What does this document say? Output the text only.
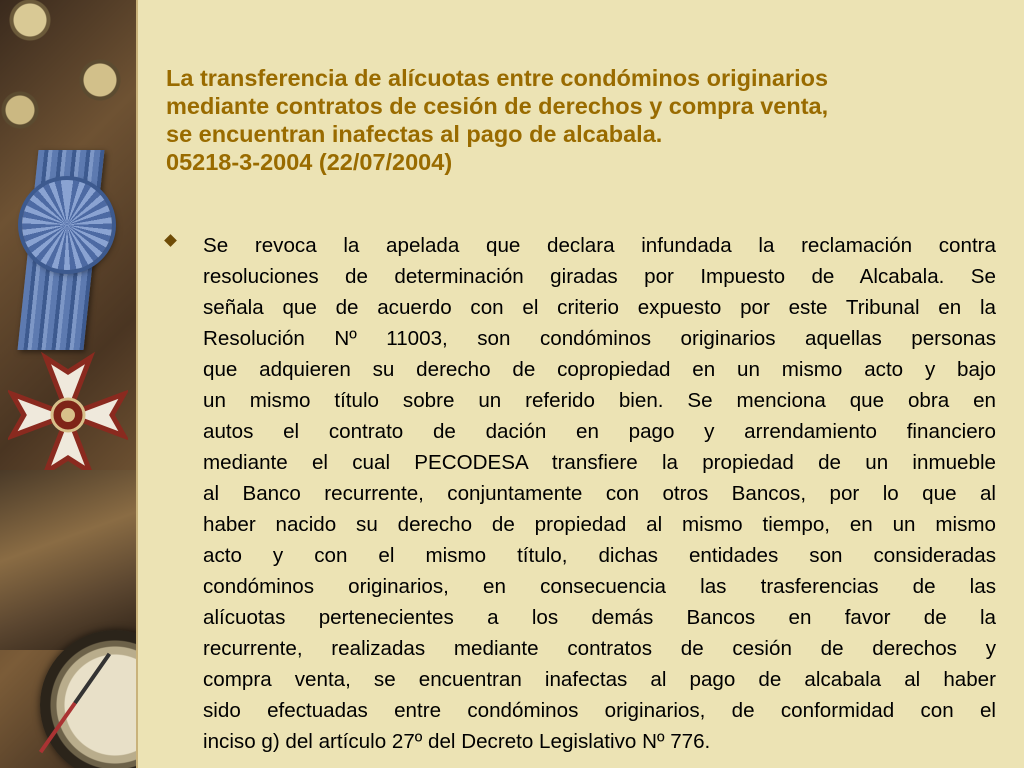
La transferencia de alícuotas entre condóminos originarios
mediante contratos de cesión de derechos y compra venta,
se encuentran inafectas al pago de alcabala.
05218-3-2004 (22/07/2004)

Se revoca la apelada que declara infundada la reclamación contra
resoluciones de determinación giradas por Impuesto de Alcabala. Se
señala que de acuerdo con el criterio expuesto por este Tribunal en la
Resolución Nº 11003, son condóminos originarios aquellas personas
que adquieren su derecho de copropiedad en un mismo acto y bajo
un mismo título sobre un referido bien. Se menciona que obra en
autos el contrato de dación en pago y arrendamiento financiero
mediante el cual PECODESA transfiere la propiedad de un inmueble
al Banco recurrente, conjuntamente con otros Bancos, por lo que al
haber nacido su derecho de propiedad al mismo tiempo, en un mismo
acto y con el mismo título, dichas entidades son consideradas
condóminos originarios, en consecuencia las trasferencias de las
alícuotas pertenecientes a los demás Bancos en favor de la
recurrente, realizadas mediante contratos de cesión de derechos y
compra venta, se encuentran inafectas al pago de alcabala al haber
sido efectuadas entre condóminos originarios, de conformidad con el
inciso g) del artículo 27º del Decreto Legislativo Nº 776.
